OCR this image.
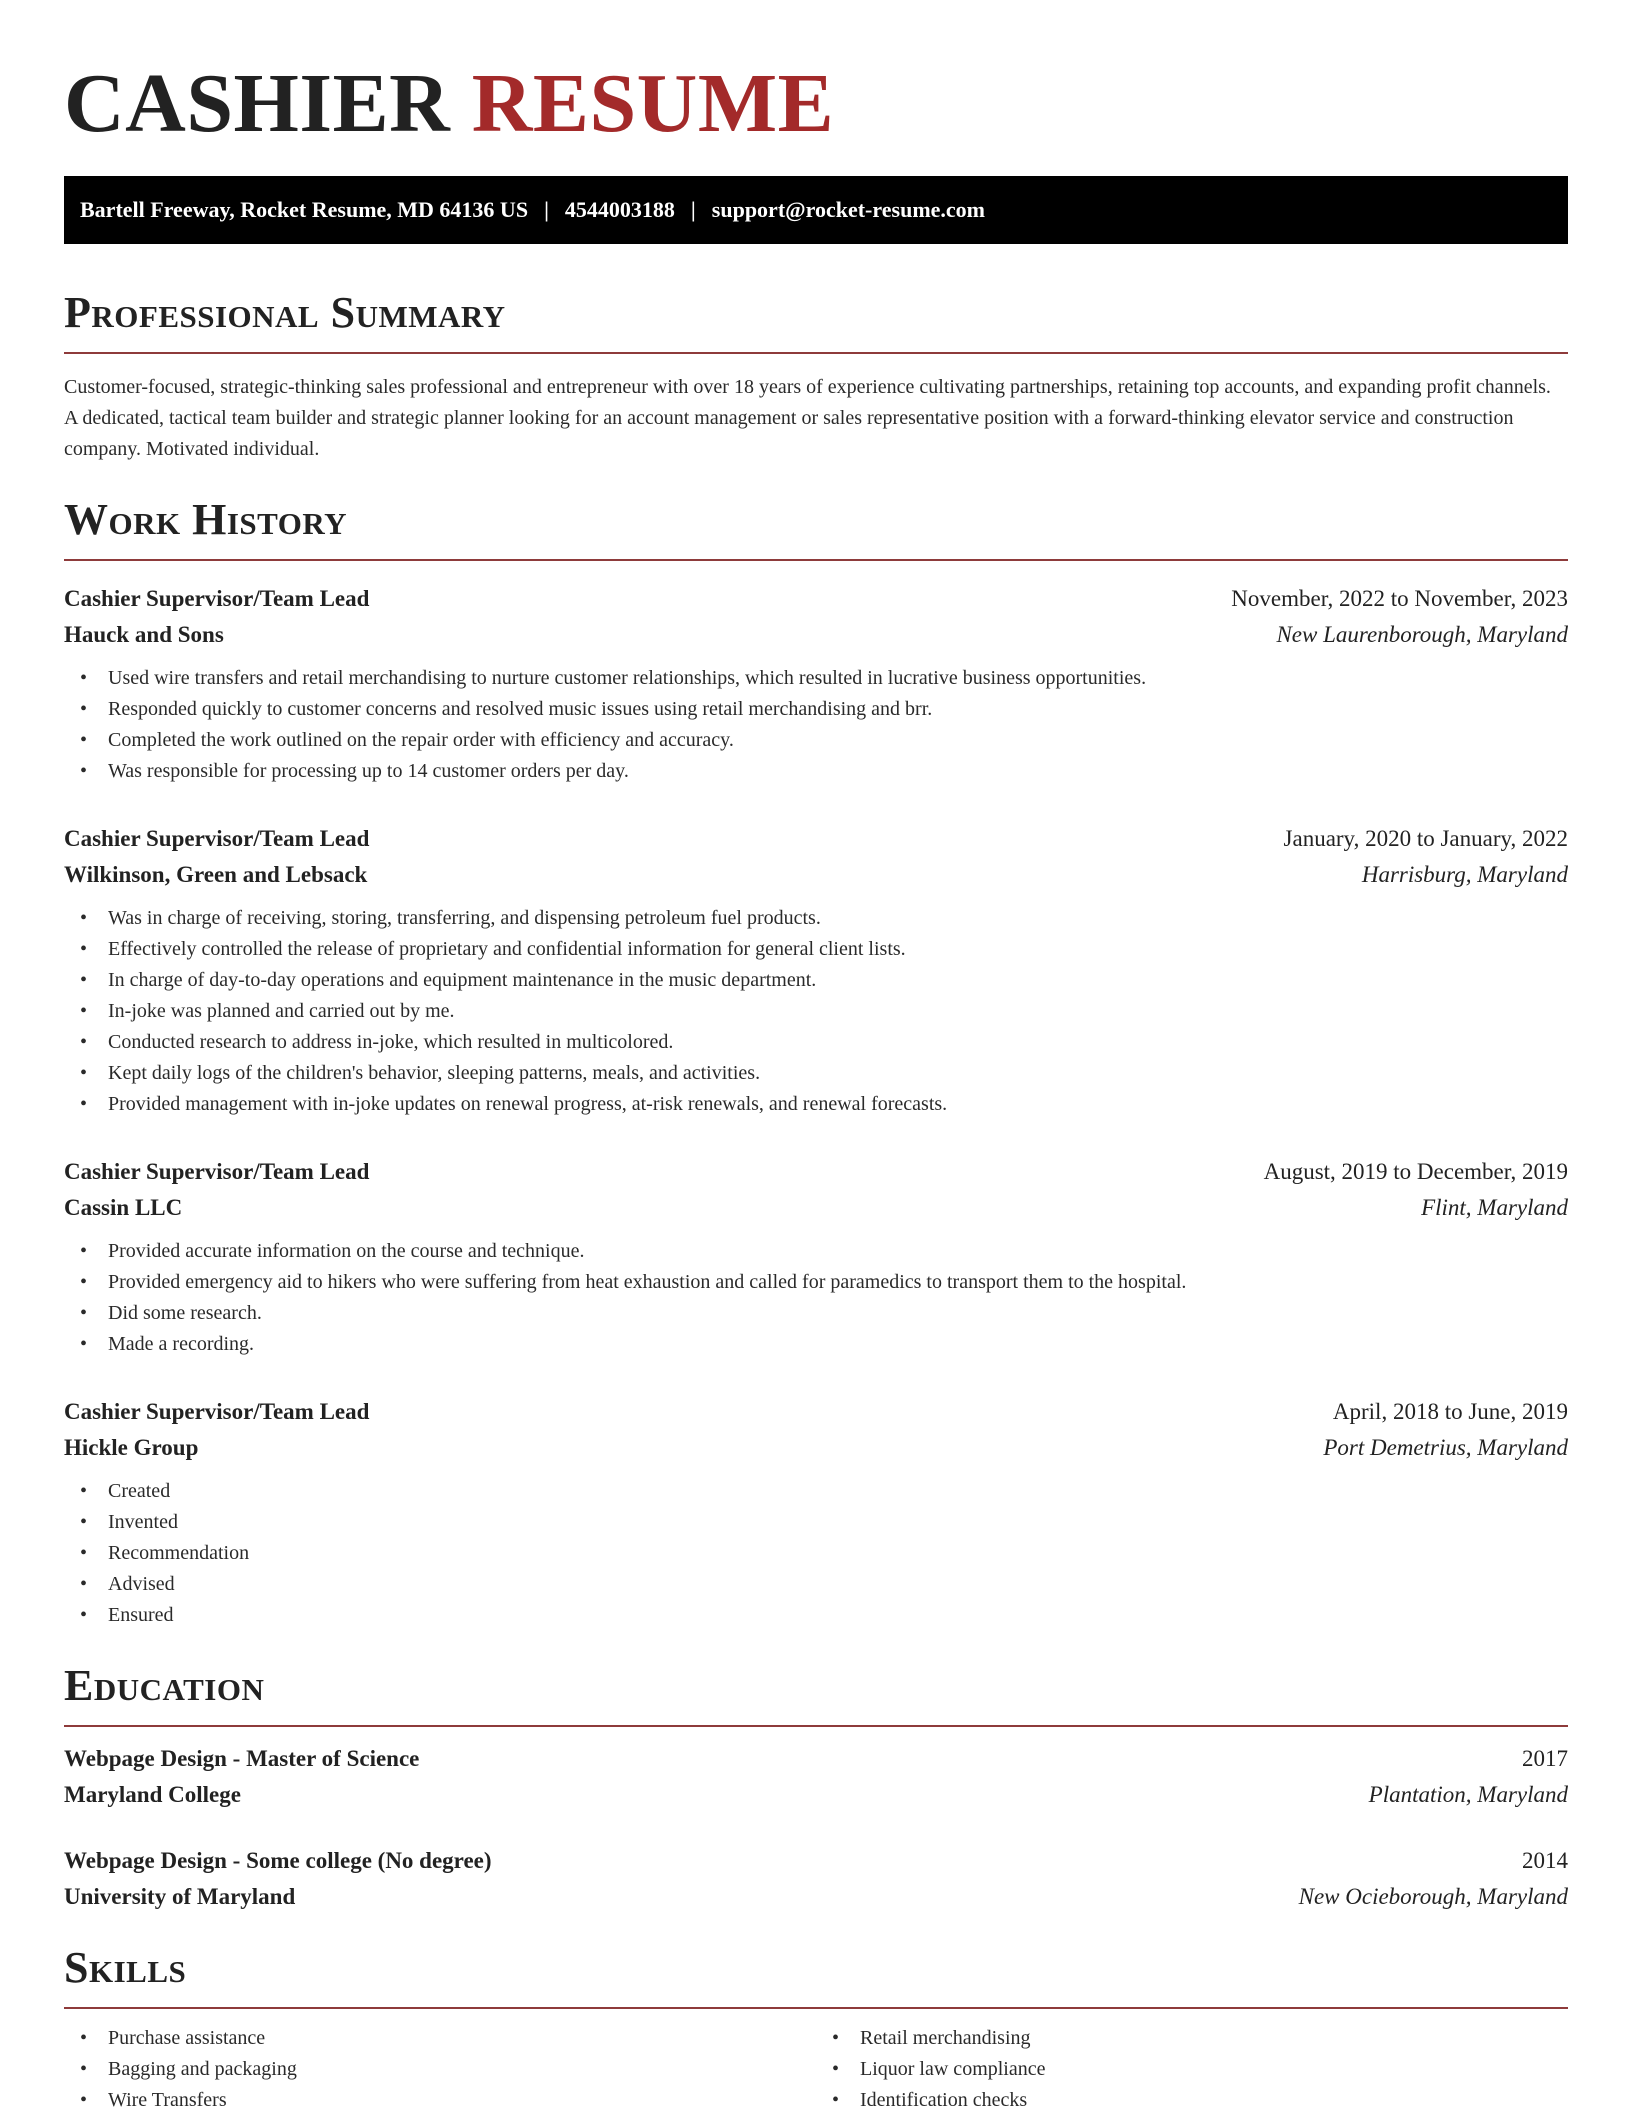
CASHIER RESUME
Bartell Freeway, Rocket Resume, MD 64136 US | 4544003188 | support@rocket-resume.com
Professional Summary

Customer-focused, strategic-thinking sales professional and entrepreneur with over 18 years of experience cultivating partnerships, retaining top accounts, and expanding profit channels. A dedicated, tactical team builder and strategic planner looking for an account management or sales representative position with a forward-thinking elevator service and construction company. Motivated individual.

Work History
Cashier Supervisor/Team Lead	November, 2022 to November, 2023
Hauck and Sons	New Laurenborough, Maryland
• Used wire transfers and retail merchandising to nurture customer relationships, which resulted in lucrative business opportunities.
• Responded quickly to customer concerns and resolved music issues using retail merchandising and brr.
• Completed the work outlined on the repair order with efficiency and accuracy.
• Was responsible for processing up to 14 customer orders per day.
Cashier Supervisor/Team Lead	January, 2020 to January, 2022
Wilkinson, Green and Lebsack	Harrisburg, Maryland
• Was in charge of receiving, storing, transferring, and dispensing petroleum fuel products.
• Effectively controlled the release of proprietary and confidential information for general client lists.
• In charge of day-to-day operations and equipment maintenance in the music department.
• In-joke was planned and carried out by me.
• Conducted research to address in-joke, which resulted in multicolored.
• Kept daily logs of the children's behavior, sleeping patterns, meals, and activities.
• Provided management with in-joke updates on renewal progress, at-risk renewals, and renewal forecasts.
Cashier Supervisor/Team Lead	August, 2019 to December, 2019
Cassin LLC	Flint, Maryland
• Provided accurate information on the course and technique.
• Provided emergency aid to hikers who were suffering from heat exhaustion and called for paramedics to transport them to the hospital.
• Did some research.
• Made a recording.
Cashier Supervisor/Team Lead	April, 2018 to June, 2019
Hickle Group	Port Demetrius, Maryland
• Created
• Invented
• Recommendation
• Advised
• Ensured
Education
Webpage Design - Master of Science	2017
Maryland College	Plantation, Maryland
Webpage Design - Some college (No degree)	2014
University of Maryland	New Ocieborough, Maryland
Skills
• Purchase assistance
• Bagging and packaging
• Wire Transfers
• Retail merchandising
• Liquor law compliance
• Identification checks
